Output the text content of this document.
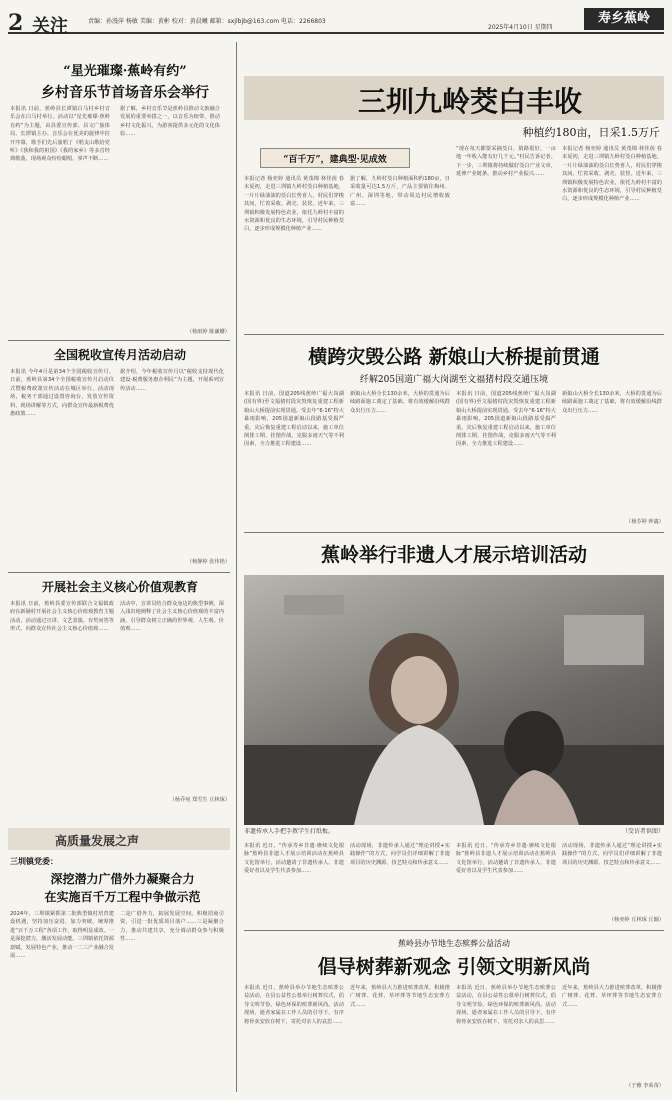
2 关注	责编：孙漫萍 杨敏 美编：黄彬 校对：黄晨曦 邮箱：sxjlbjb@163.com 电话：2266803
2025年4月10日 星期四
寿乡蕉岭
“星光璀璨·蕉岭有约”
乡村音乐节首场音乐会举行
本报讯 日前，蕉岭县长潭镇白马村乡村音乐会在白马村举行。活动以“星光璀璨·蕉岭有约”为主题，由县委宣传部、县文广旅体局、长潭镇主办。音乐会在优美的旋律中拉开序幕，歌手们先后演唱了《唱支山歌给党听》《我和我的祖国》《我的家乡》等多首经典歌曲，现场观众纷纷跟唱，掌声不断……
据了解，乡村音乐节是蕉岭县推动文旅融合发展的重要举措之一，以音乐为纽带，推动乡村文化振兴，为游客提供多元化的文化体验……
（杨雨婷 陈谦姗）
全国税收宣传月活动启动
本报讯 今年4月是第34个全国税收宣传月。日前，蕉岭县第34个全国税收宣传月启动仪式暨税费政策宣传活动在城区举行。活动现场，税务干部通过设置咨询台、发放宣传资料、现场讲解等方式，向群众宣传最新税费优惠政策……
据介绍，今年税收宣传月以“税收支持现代化建设·税费服务惠企利民”为主题，开展系列宣传活动……
（杨静婷 张伟艳）
开展社会主义核心价值观教育
本报讯 日前，蕉岭县委宣传部联合文福镇政府在新铺村开展社会主义核心价值观教育主题活动，活动通过宣讲、文艺表演、有奖问答等形式，向群众宣传社会主义核心价值观……
活动中，宣讲员结合群众身边的典型事例，深入浅出地阐释了社会主义核心价值观的丰富内涵，引导群众树立正确的世界观、人生观、价值观……
（杨乔宛 郑雪生 丘林琢）
高质量发展之声
三圳镇党委：
深挖潜力广借外力凝聚合力
在实施百千万工程中争做示范
2024年，三圳镇紧抓第二批典型镇村培育建设机遇，坚持加压奋进、加力突破，统筹推进“百千万工程”各项工作，取得明显成效。一是深挖潜力，激活发展动能。三圳镇依托资源禀赋，发展特色产业，推动一二三产业融合发展……
二是广借外力，拓展发展空间。积极招商引资，引进一批优质项目落户……三是凝聚合力，推动共建共享，充分调动群众参与积极性……
三圳九岭茭白丰收
种植约180亩，日采1.5万斤
“百千万”，建典型·见成效
本报记者 杨奕婷 通讯员 黄茂锦 林佳茵 春末夏初，走进三圳镇九岭村茭白种植基地，一片片绿油油的茭白长势喜人，村民们穿梭其间，忙着采收、剥壳、装筐。近年来，三圳镇积极发展特色农业，依托九岭村丰富的水资源和优良的生态环境，引导村民种植茭白，逐步形成规模化种植产业……
据了解，九岭村茭白种植面积约180亩，日采收量可达1.5万斤，产品主要销往梅州、广州、深圳等地，带动周边村民增收致富……
“现在每天都要采摘茭白，销路很好，一亩地一年收入能有好几千元。”村民告诉记者。下一步，三圳镇将持续做好茭白产业文章，延伸产业链条，推动乡村产业振兴……
本报记者 杨奕婷 通讯员 黄茂锦 林佳茵 春末夏初，走进三圳镇九岭村茭白种植基地，一片片绿油油的茭白长势喜人，村民们穿梭其间，忙着采收、剥壳、装筐。近年来，三圳镇积极发展特色农业，依托九岭村丰富的水资源和优良的生态环境，引导村民种植茭白，逐步形成规模化种植产业……
横跨灾毁公路 新娘山大桥提前贯通
纤解205国道广福大岗湖至文福猪村段交通压境
本报讯 日前，国道205线蕉岭广福大岗湖(国有界)至文福猪村段灾毁恢复重建工程新娘山大桥提前实现贯通。受去年“6·16”特大暴雨影响，205国道新娘山段路基受损严重。灾后恢复重建工程启动以来，施工单位倒排工期、挂图作战，克服多雨天气等不利因素，全力推进工程建设……
新娘山大桥全长130余米，大桥的贯通为后续路面施工奠定了基础，将有效缓解沿线群众出行压力……
本报讯 日前，国道205线蕉岭广福大岗湖(国有界)至文福猪村段灾毁恢复重建工程新娘山大桥提前实现贯通。受去年“6·16”特大暴雨影响，205国道新娘山段路基受损严重。灾后恢复重建工程启动以来，施工单位倒排工期、挂图作战，克服多雨天气等不利因素，全力推进工程建设……
新娘山大桥全长130余米，大桥的贯通为后续路面施工奠定了基础，将有效缓解沿线群众出行压力……
（杨芬婷 钟鑫）
蕉岭举行非遗人才展示培训活动
非遗传承人手把手教学生打纸板。	（受访者供图）
本报讯 近日，“传承寿乡非遗·赓续文化根脉”蕉岭县非遗人才展示培训活动在蕉岭县文化馆举行，活动邀请了非遗传承人、非遗爱好者以及学生代表参加……
活动现场，非遗传承人通过“理论讲授+实践操作”的方式，向学员们详细讲解了非遗项目的历史渊源、技艺特点和传承意义……
本报讯 近日，“传承寿乡非遗·赓续文化根脉”蕉岭县非遗人才展示培训活动在蕉岭县文化馆举行，活动邀请了非遗传承人、非遗爱好者以及学生代表参加……
活动现场，非遗传承人通过“理论讲授+实践操作”的方式，向学员们详细讲解了非遗项目的历史渊源、技艺特点和传承意义……
（杨奕婷 丘林琢 丘颖）
蕉岭县办节地生态殡葬公益活动
倡导树葬新观念 引领文明新风尚
本报讯 近日，蕉岭县举办节地生态殡葬公益活动，在县公益性公墓举行树葬仪式，倡导文明节俭、绿色环保的殡葬新风尚。活动现场，逝者家属在工作人员的引导下，有序将骨灰安放在树下，寄托对亲人的哀思……
近年来，蕉岭县大力推进殡葬改革，积极推广树葬、花葬、草坪葬等节地生态安葬方式……
本报讯 近日，蕉岭县举办节地生态殡葬公益活动，在县公益性公墓举行树葬仪式，倡导文明节俭、绿色环保的殡葬新风尚。活动现场，逝者家属在工作人员的引导下，有序将骨灰安放在树下，寄托对亲人的哀思……
近年来，蕉岭县大力推进殡葬改革，积极推广树葬、花葬、草坪葬等节地生态安葬方式……
（于雅 李荣苗）
